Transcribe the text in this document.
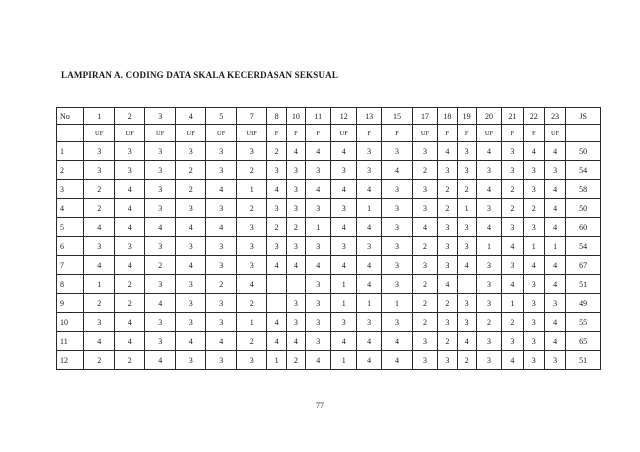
LAMPIRAN A. CODING DATA SKALA KECERDASAN SEKSUAL
No	1	2	3	4	5	7	8	10	11	12	13	15	17	18	19	20	21	22	23	JS
	UF	UF	UF	UF	UF	UIF	F	F	F	UF	F	F	UF	F	F	UF	F	F	UF	
1	3	3	3	3	3	3	2	4	4	4	3	3	3	4	3	4	3	4	4	50
2	3	3	3	2	3	2	3	3	3	3	3	4	2	3	3	3	3	3	3	54
3	2	4	3	2	4	1	4	3	4	4	4	3	3	2	2	4	2	3	4	58
4	2	4	3	3	3	2	3	3	3	3	1	3	3	2	1	3	2	2	4	50
5	4	4	4	4	4	3	2	2	1	4	4	3	4	3	3	4	3	3	4	60
6	3	3	3	3	3	3	3	3	3	3	3	3	2	3	3	1	4	1	1	54
7	4	4	2	4	3	3	4	4	4	4	4	3	3	3	4	3	3	4	4	67
8	1	2	3	3	2	4			3	1	4	3	2	4		3	4	3	4	51
9	2	2	4	3	3	2		3	3	1	1	1	2	2	3	3	1	3	3	49
10	3	4	3	3	3	1	4	3	3	3	3	3	2	3	3	2	2	3	4	55
11	4	4	3	4	4	2	4	4	3	4	4	4	3	2	4	3	3	3	4	65
12	2	2	4	3	3	3	1	2	4	1	4	4	3	3	2	3	4	3	3	51
77
